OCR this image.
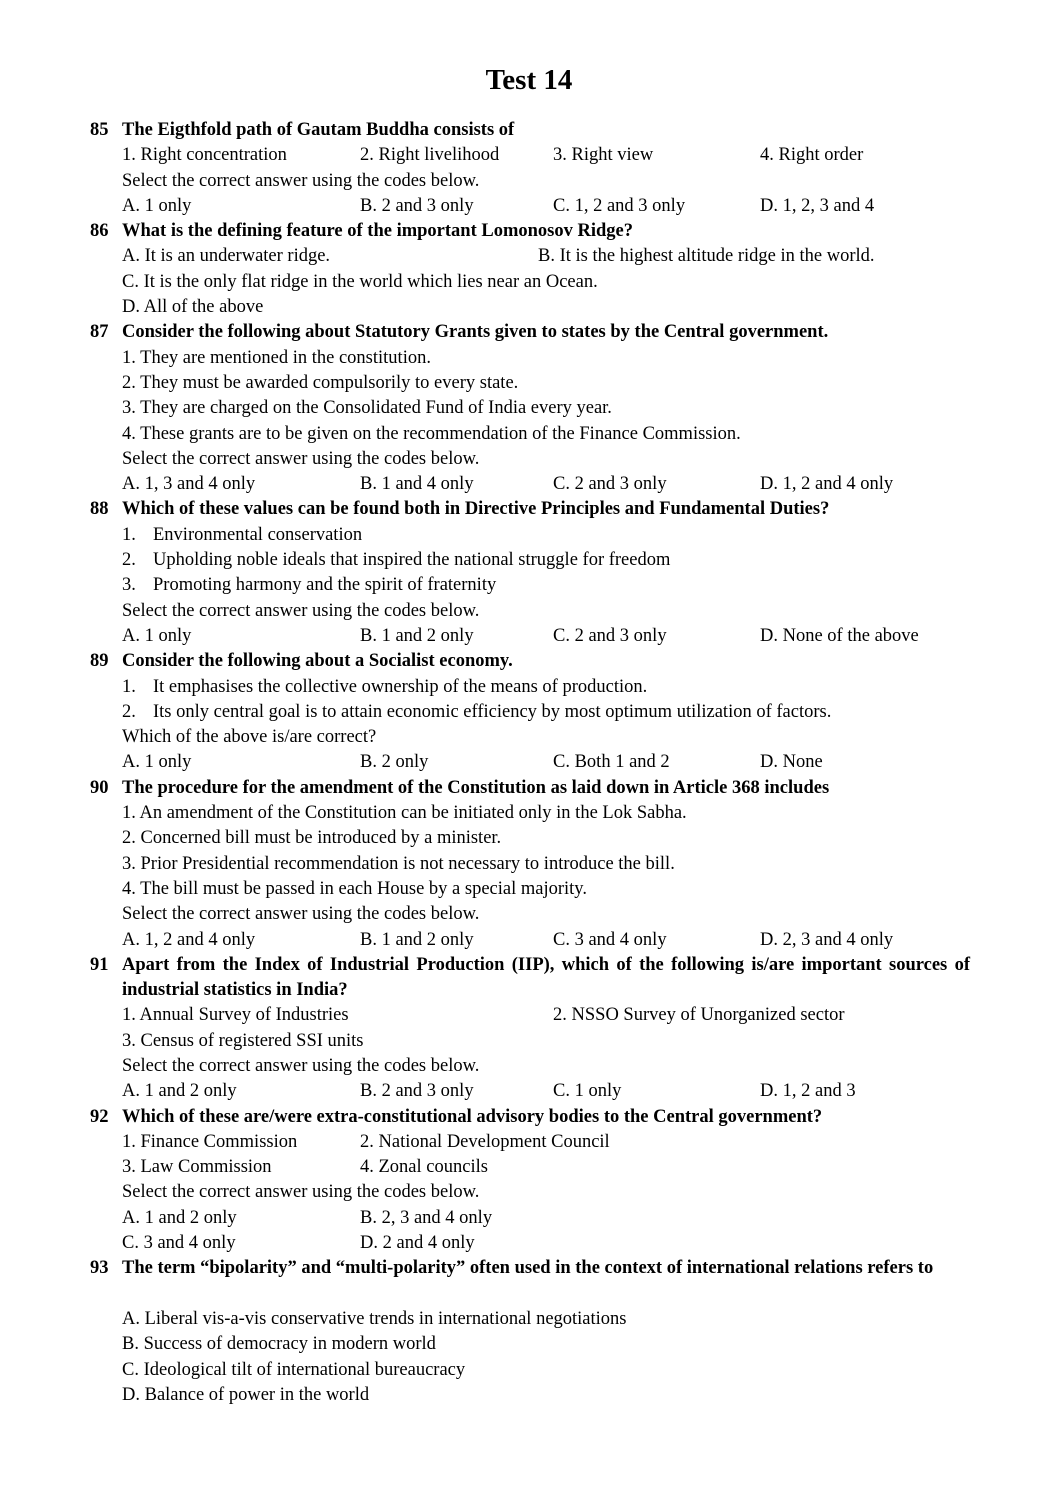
Test 14
85 The Eigthfold path of Gautam Buddha consists of
1. Right concentration	2. Right livelihood	3. Right view	4. Right order
Select the correct answer using the codes below.
A. 1 only	B. 2 and 3 only	C. 1, 2 and 3 only	D. 1, 2, 3 and 4
86 What is the defining feature of the important Lomonosov Ridge?
A. It is an underwater ridge.	B. It is the highest altitude ridge in the world.
C. It is the only flat ridge in the world which lies near an Ocean.
D. All of the above
87 Consider the following about Statutory Grants given to states by the Central government.
1. They are mentioned in the constitution.
2. They must be awarded compulsorily to every state.
3. They are charged on the Consolidated Fund of India every year.
4. These grants are to be given on the recommendation of the Finance Commission.
Select the correct answer using the codes below.
A. 1, 3 and 4 only	B. 1 and 4 only	C. 2 and 3 only	D. 1, 2 and 4 only
88 Which of these values can be found both in Directive Principles and Fundamental Duties?
1. Environmental conservation
2. Upholding noble ideals that inspired the national struggle for freedom
3. Promoting harmony and the spirit of fraternity
Select the correct answer using the codes below.
A. 1 only	B. 1 and 2 only	C. 2 and 3 only	D. None of the above
89 Consider the following about a Socialist economy.
1. It emphasises the collective ownership of the means of production.
2. Its only central goal is to attain economic efficiency by most optimum utilization of factors.
Which of the above is/are correct?
A. 1 only	B. 2 only	C. Both 1 and 2	D. None
90 The procedure for the amendment of the Constitution as laid down in Article 368 includes
1. An amendment of the Constitution can be initiated only in the Lok Sabha.
2. Concerned bill must be introduced by a minister.
3. Prior Presidential recommendation is not necessary to introduce the bill.
4. The bill must be passed in each House by a special majority.
Select the correct answer using the codes below.
A. 1, 2 and 4 only	B. 1 and 2 only	C. 3 and 4 only	D. 2, 3 and 4 only
91 Apart from the Index of Industrial Production (IIP), which of the following is/are important sources of industrial statistics in India?
1. Annual Survey of Industries	2. NSSO Survey of Unorganized sector
3. Census of registered SSI units
Select the correct answer using the codes below.
A. 1 and 2 only	B. 2 and 3 only	C. 1 only	D. 1, 2 and 3
92 Which of these are/were extra-constitutional advisory bodies to the Central government?
1. Finance Commission	2. National Development Council
3. Law Commission	4. Zonal councils
Select the correct answer using the codes below.
A. 1 and 2 only	B. 2, 3 and 4 only
C. 3 and 4 only	D. 2 and 4 only
93 The term “bipolarity” and “multi-polarity” often used in the context of international relations refers to
A. Liberal vis-a-vis conservative trends in international negotiations
B. Success of democracy in modern world
C. Ideological tilt of international bureaucracy
D. Balance of power in the world
